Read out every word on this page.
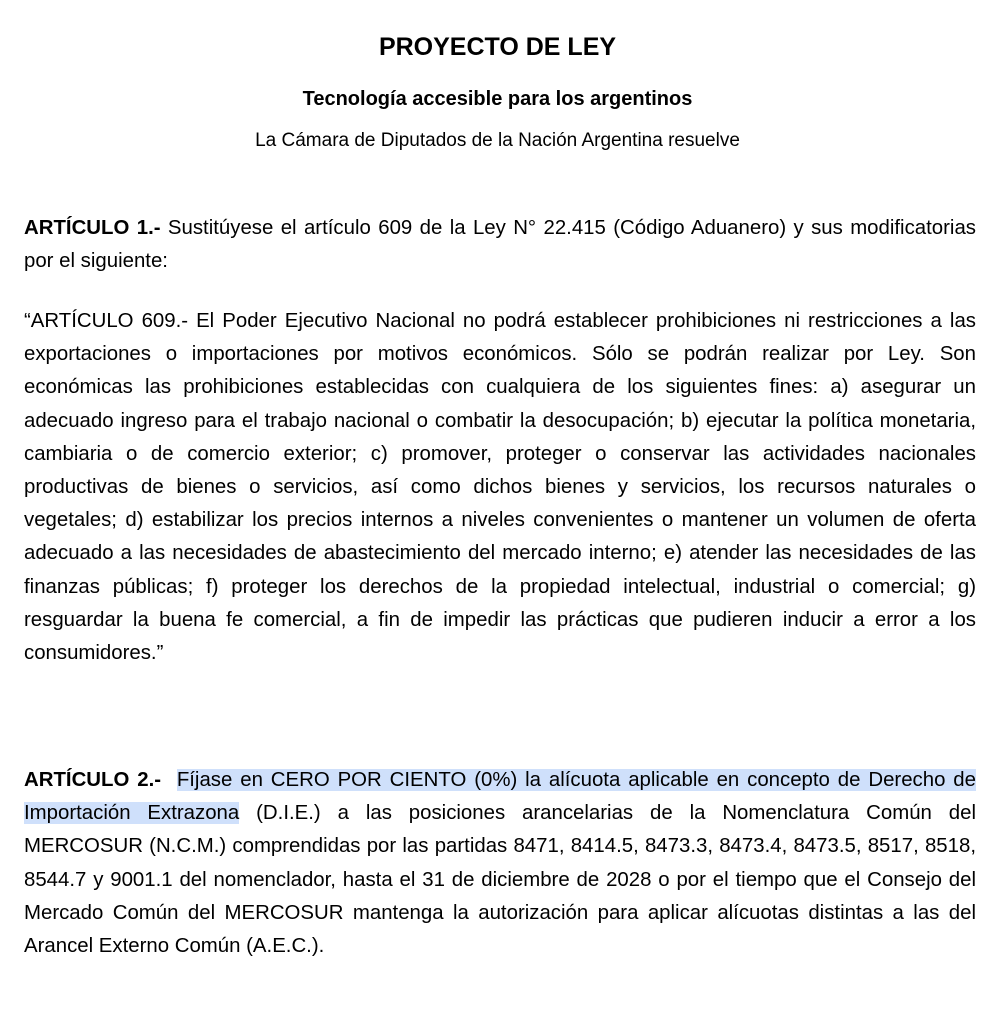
PROYECTO DE LEY
Tecnología accesible para los argentinos
La Cámara de Diputados de la Nación Argentina resuelve

ARTÍCULO 1.- Sustitúyese el artículo 609 de la Ley N° 22.415 (Código Aduanero) y sus modificatorias por el siguiente:

“ARTÍCULO 609.- El Poder Ejecutivo Nacional no podrá establecer prohibiciones ni restricciones a las exportaciones o importaciones por motivos económicos. Sólo se podrán realizar por Ley. Son económicas las prohibiciones establecidas con cualquiera de los siguientes fines: a) asegurar un adecuado ingreso para el trabajo nacional o combatir la desocupación; b) ejecutar la política monetaria, cambiaria o de comercio exterior; c) promover, proteger o conservar las actividades nacionales productivas de bienes o servicios, así como dichos bienes y servicios, los recursos naturales o vegetales; d) estabilizar los precios internos a niveles convenientes o mantener un volumen de oferta adecuado a las necesidades de abastecimiento del mercado interno; e) atender las necesidades de las finanzas públicas; f) proteger los derechos de la propiedad intelectual, industrial o comercial; g) resguardar la buena fe comercial, a fin de impedir las prácticas que pudieren inducir a error a los consumidores.”

ARTÍCULO 2.- Fíjase en CERO POR CIENTO (0%) la alícuota aplicable en concepto de Derecho de Importación Extrazona (D.I.E.) a las posiciones arancelarias de la Nomenclatura Común del MERCOSUR (N.C.M.) comprendidas por las partidas 8471, 8414.5, 8473.3, 8473.4, 8473.5, 8517, 8518, 8544.7 y 9001.1 del nomenclador, hasta el 31 de diciembre de 2028 o por el tiempo que el Consejo del Mercado Común del MERCOSUR mantenga la autorización para aplicar alícuotas distintas a las del Arancel Externo Común (A.E.C.).
